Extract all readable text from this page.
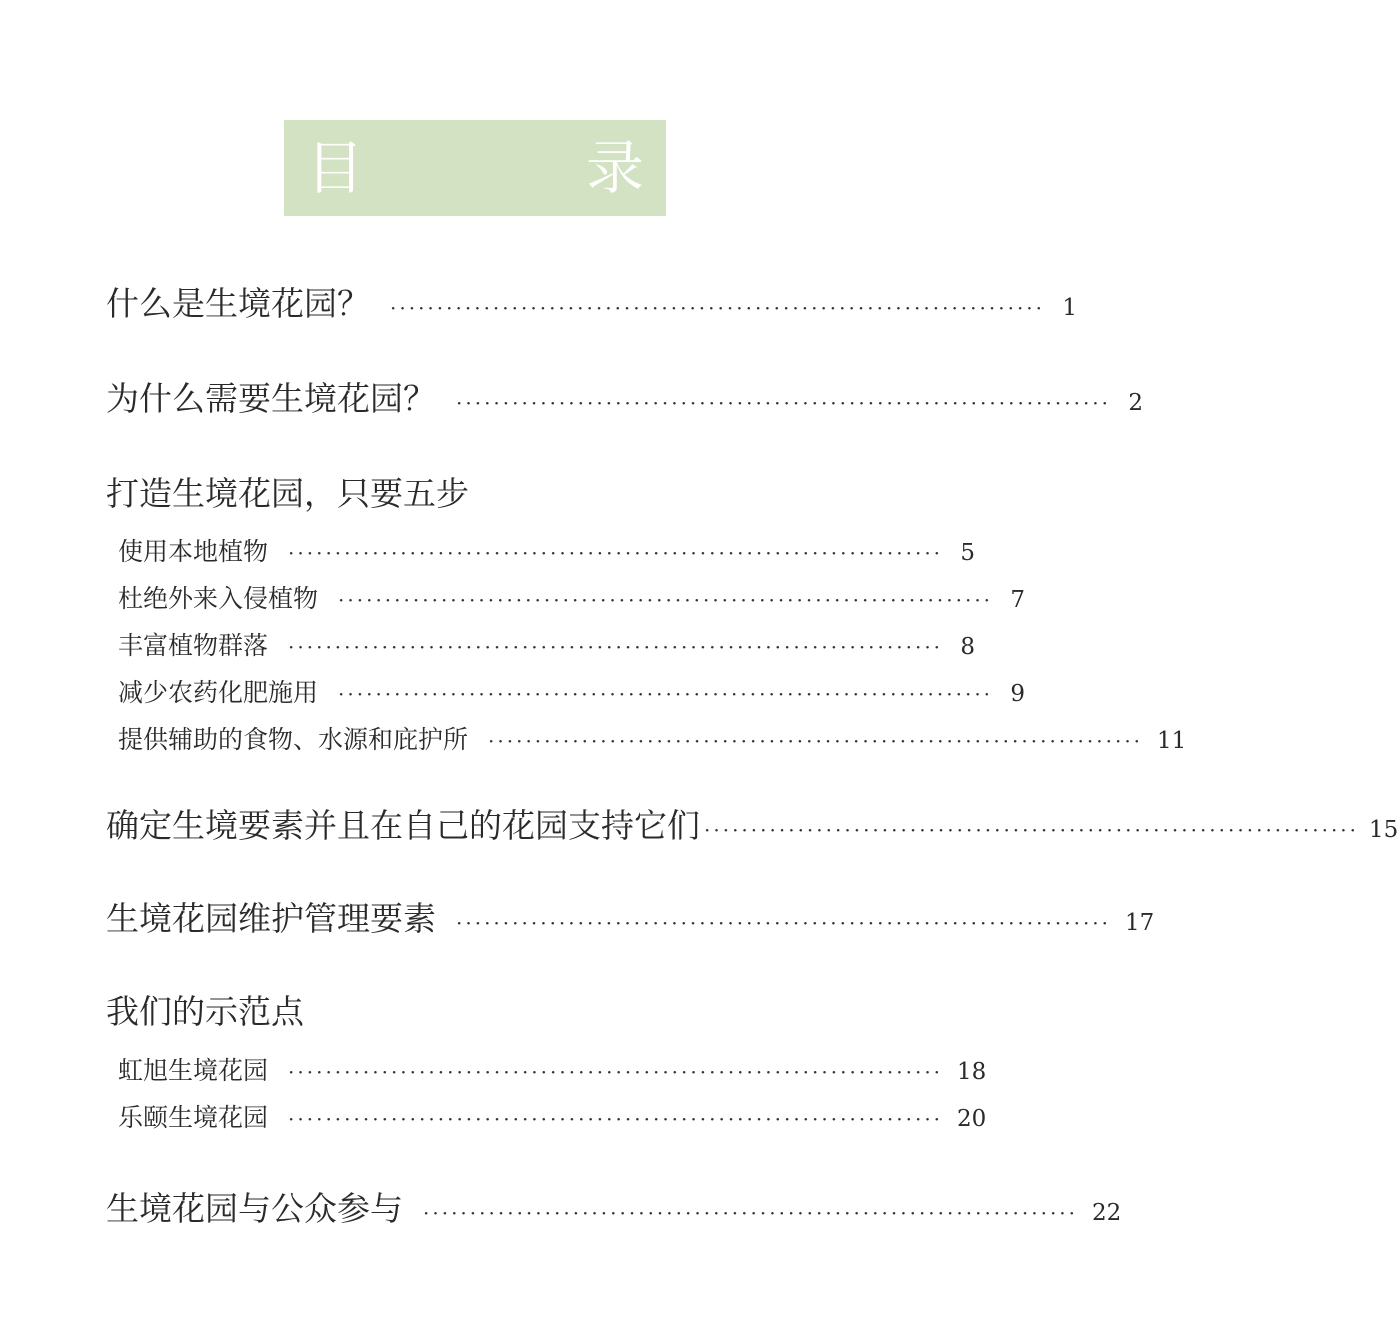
目　录
什么是生境花园？ ······································································ 1
为什么需要生境花园？ ······································································ 2
打造生境花园，只要五步
使用本地植物 ······································································ 5
杜绝外来入侵植物 ······································································ 7
丰富植物群落 ······································································ 8
减少农药化肥施用 ······································································ 9
提供辅助的食物、水源和庇护所 ······································································ 11
确定生境要素并且在自己的花园支持它们 ······································································ 15
生境花园维护管理要素 ······································································ 17
我们的示范点
虹旭生境花园 ······································································ 18
乐颐生境花园 ······································································ 20
生境花园与公众参与 ······································································ 22
